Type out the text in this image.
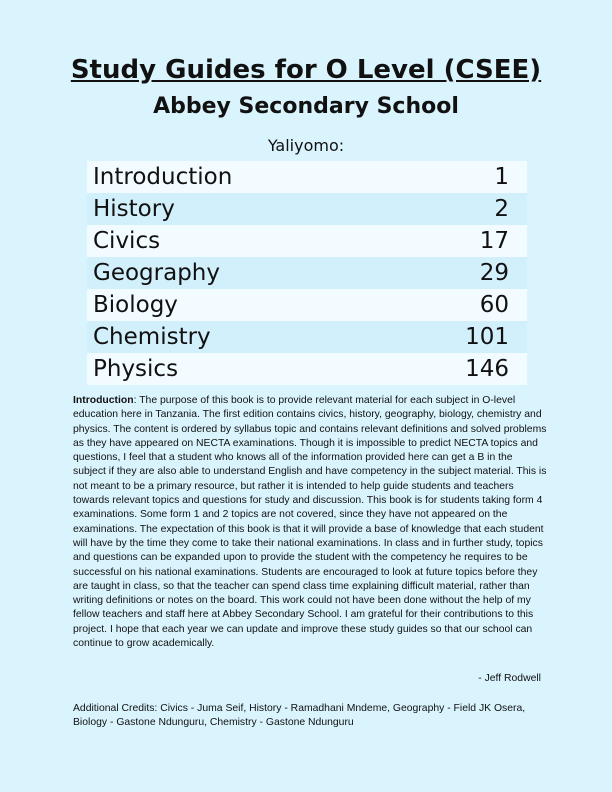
Study Guides for O Level (CSEE)
Abbey Secondary School
Yaliyomo:
Introduction	1
History	2
Civics	17
Geography	29
Biology	60
Chemistry	101
Physics	146
Introduction: The purpose of this book is to provide relevant material for each subject in O-level education here in Tanzania. The first edition contains civics, history, geography, biology, chemistry and physics. The content is ordered by syllabus topic and contains relevant definitions and solved problems as they have appeared on NECTA examinations. Though it is impossible to predict NECTA topics and questions, I feel that a student who knows all of the information provided here can get a B in the subject if they are also able to understand English and have competency in the subject material. This is not meant to be a primary resource, but rather it is intended to help guide students and teachers towards relevant topics and questions for study and discussion. This book is for students taking form 4 examinations. Some form 1 and 2 topics are not covered, since they have not appeared on the examinations. The expectation of this book is that it will provide a base of knowledge that each student will have by the time they come to take their national examinations. In class and in further study, topics and questions can be expanded upon to provide the student with the competency he requires to be successful on his national examinations. Students are encouraged to look at future topics before they are taught in class, so that the teacher can spend class time explaining difficult material, rather than writing definitions or notes on the board. This work could not have been done without the help of my fellow teachers and staff here at Abbey Secondary School. I am grateful for their contributions to this project. I hope that each year we can update and improve these study guides so that our school can continue to grow academically.
- Jeff Rodwell
Additional Credits: Civics - Juma Seif, History - Ramadhani Mndeme, Geography - Field JK Osera, Biology - Gastone Ndunguru, Chemistry - Gastone Ndunguru
